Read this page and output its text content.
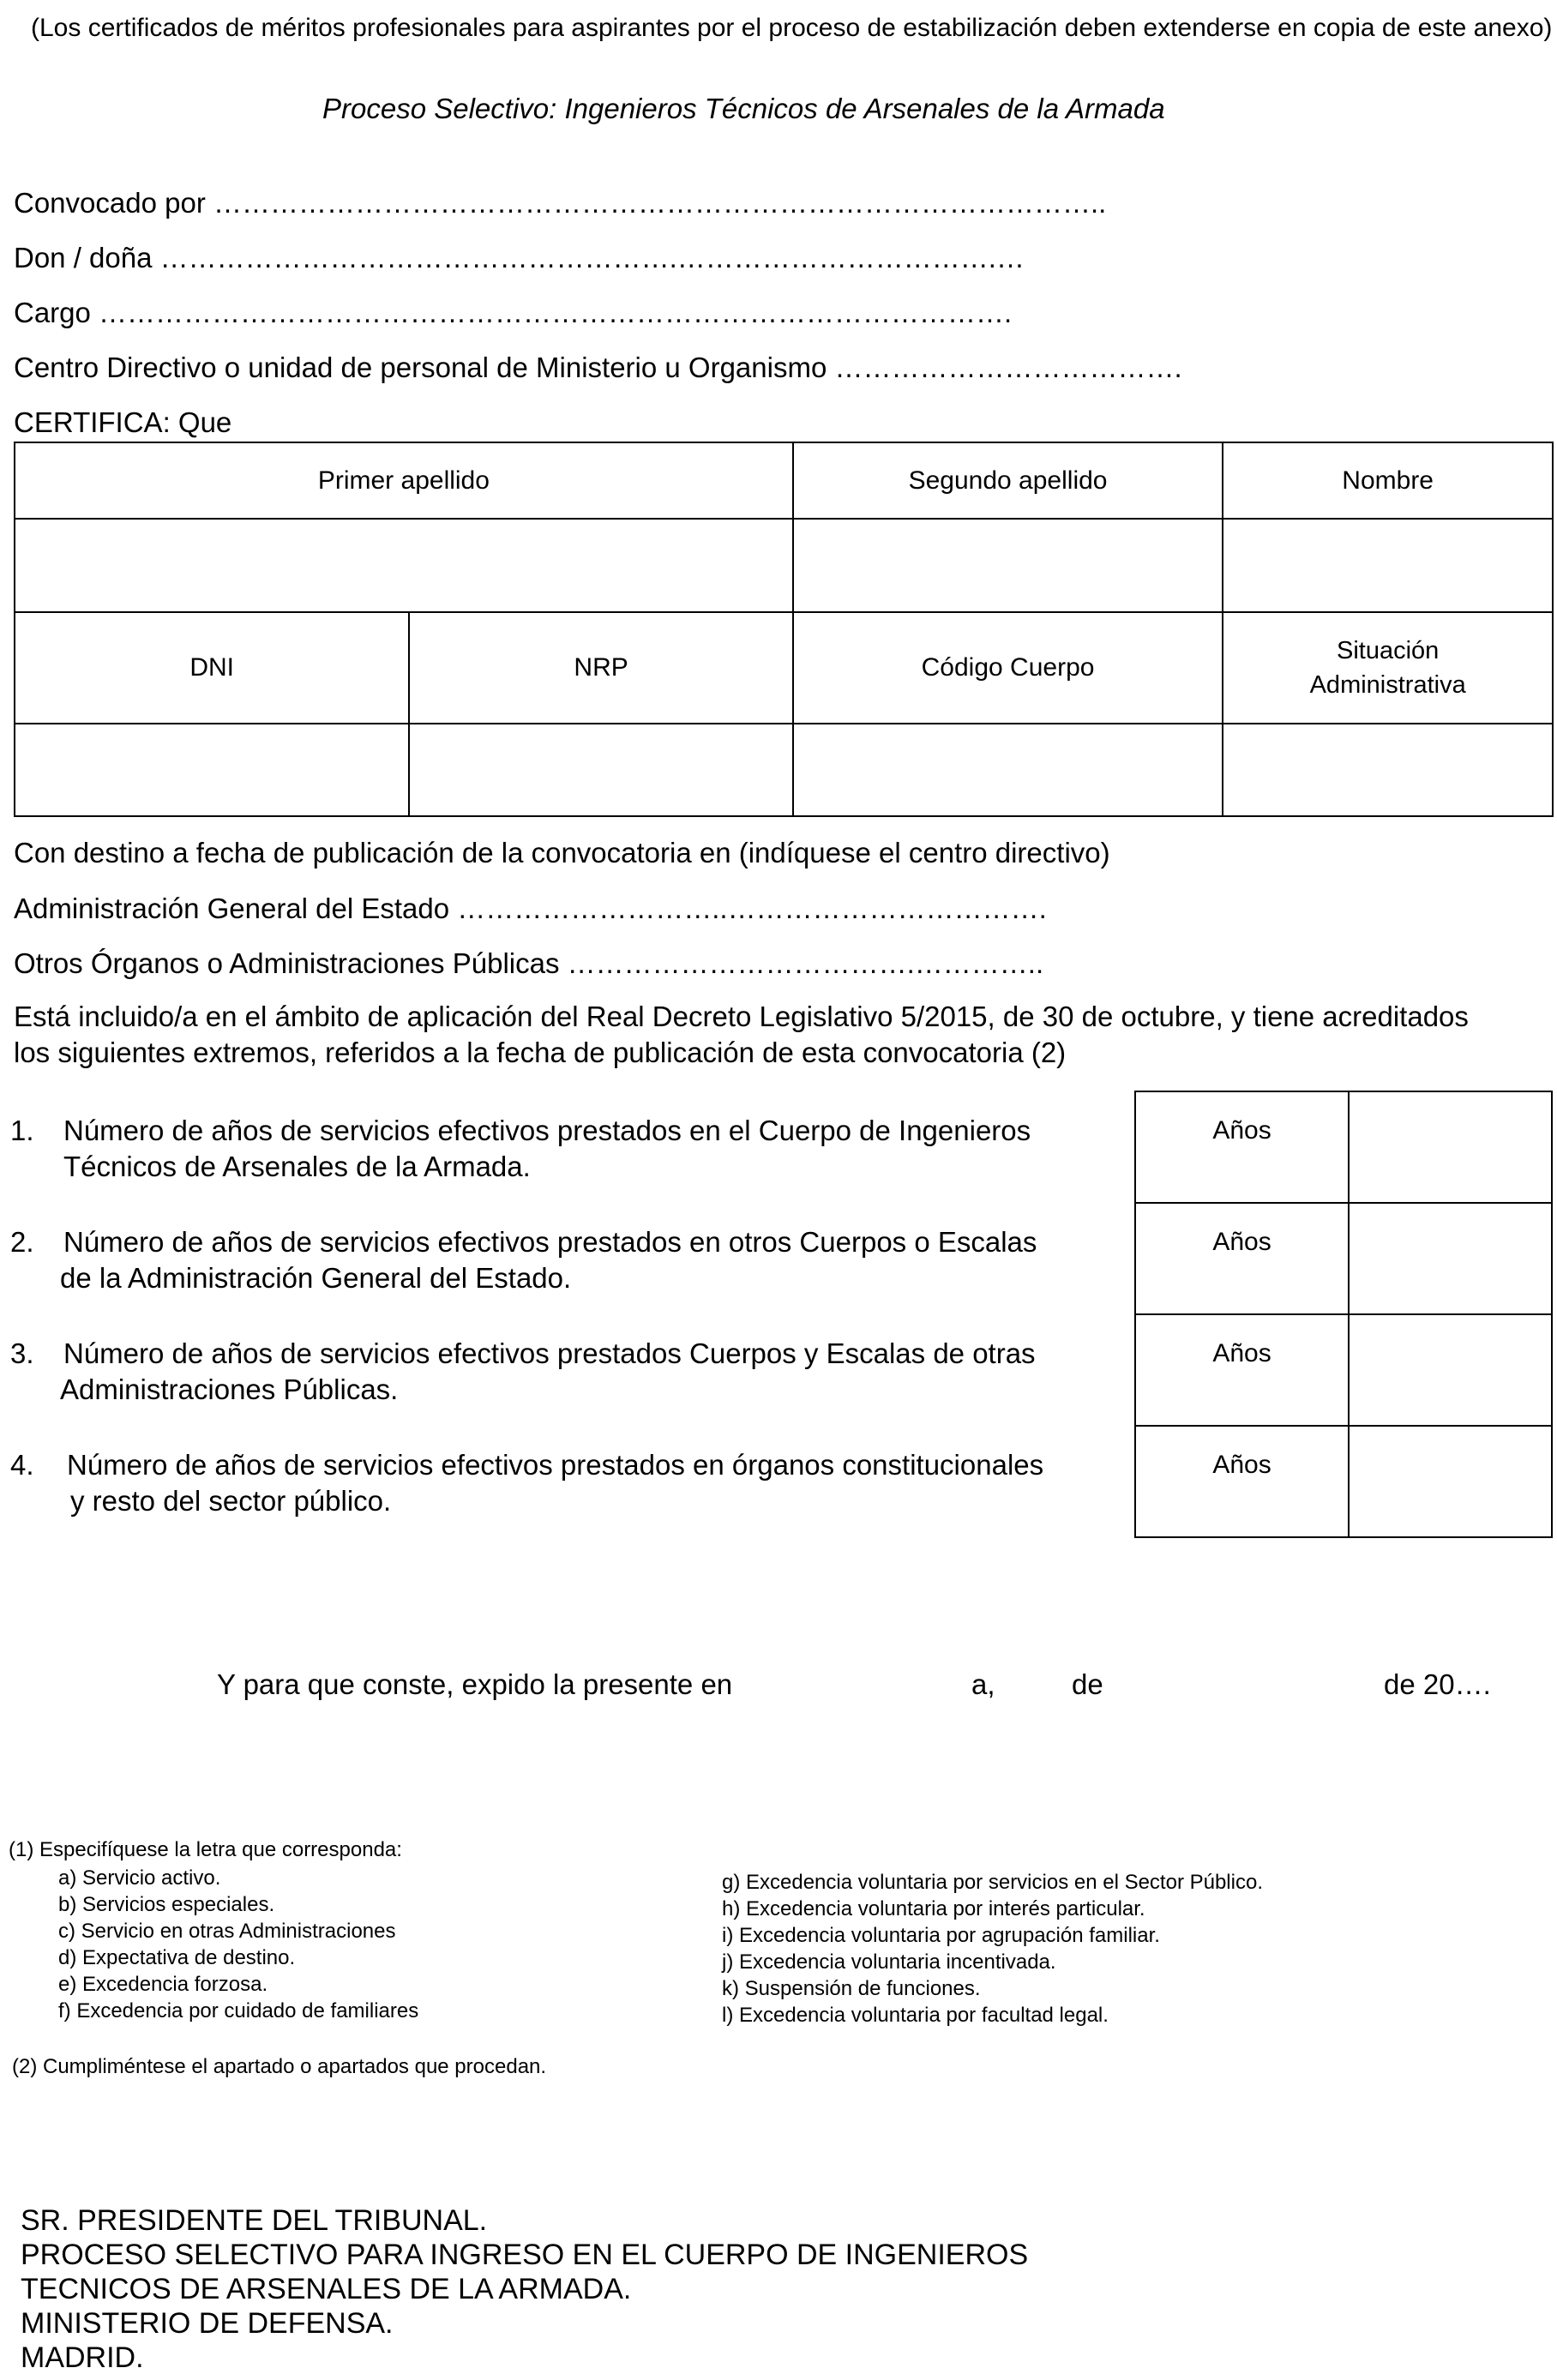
(Los certificados de méritos profesionales para aspirantes por el proceso de estabilización deben extenderse en copia de este anexo)
Proceso Selectivo: Ingenieros Técnicos de Arsenales de la Armada
Convocado por …………………………………………………………………………………..
Don / doña ……………………………………………….…………………………….…
Cargo …………………………………………………………………………………….
Centro Directivo o unidad de personal de Ministerio u Organismo ……………………………….
CERTIFICA: Que
Primer apellido		Segundo apellido	Nombre

DNI	NRP	Código Cuerpo	Situación
Administrativa

Con destino a fecha de publicación de la convocatoria en (indíquese el centro directivo)
Administración General del Estado ………………………..…………………………….
Otros Órganos o Administraciones Públicas ……………………………….…………..
Está incluido/a en el ámbito de aplicación del Real Decreto Legislativo 5/2015, de 30 de octubre, y tiene acreditados
los siguientes extremos, referidos a la fecha de publicación de esta convocatoria (2)
1. Número de años de servicios efectivos prestados en el Cuerpo de Ingenieros
Técnicos de Arsenales de la Armada.
2. Número de años de servicios efectivos prestados en otros Cuerpos o Escalas
de la Administración General del Estado.
3. Número de años de servicios efectivos prestados Cuerpos y Escalas de otras
Administraciones Públicas.
4. Número de años de servicios efectivos prestados en órganos constitucionales
y resto del sector público.
Años	
Años	
Años	
Años	
Y para que conste, expido la presente en	a,	de	de 20….
(1) Especifíquese la letra que corresponda:
a) Servicio activo.
b) Servicios especiales.
c) Servicio en otras Administraciones
d) Expectativa de destino.
e) Excedencia forzosa.
f) Excedencia por cuidado de familiares
g) Excedencia voluntaria por servicios en el Sector Público.
h) Excedencia voluntaria por interés particular.
i) Excedencia voluntaria por agrupación familiar.
j) Excedencia voluntaria incentivada.
k) Suspensión de funciones.
l) Excedencia voluntaria por facultad legal.
(2) Cumpliméntese el apartado o apartados que procedan.
SR. PRESIDENTE DEL TRIBUNAL.
PROCESO SELECTIVO PARA INGRESO EN EL CUERPO DE INGENIEROS
TECNICOS DE ARSENALES DE LA ARMADA.
MINISTERIO DE DEFENSA.
MADRID.
